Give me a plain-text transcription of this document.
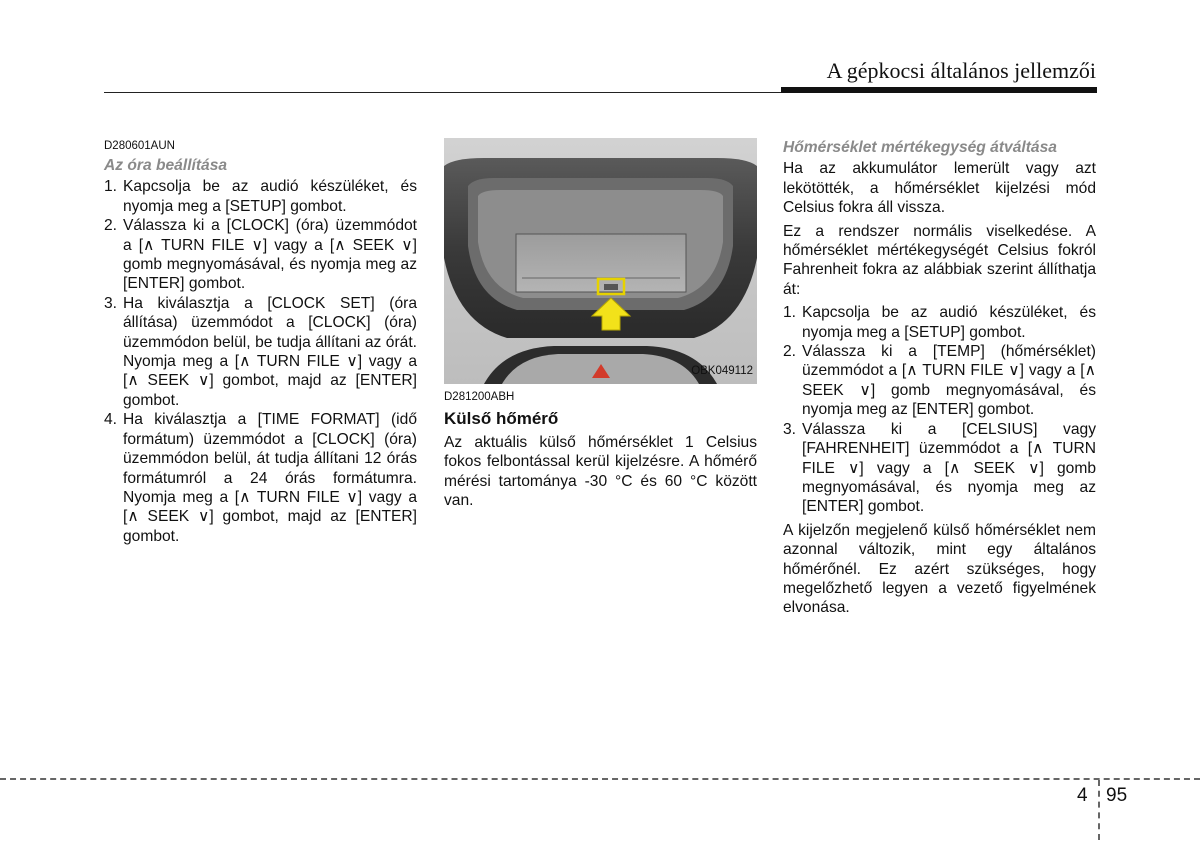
A gépkocsi általános jellemzői
D280601AUN
Az óra beállítása
1. Kapcsolja be az audió készüléket, és nyomja meg a [SETUP] gombot.
2. Válassza ki a [CLOCK] (óra) üzemmódot a [∧ TURN FILE ∨] vagy a [∧ SEEK ∨] gomb megnyomásával, és nyomja meg az [ENTER] gombot.
3. Ha kiválasztja a [CLOCK SET] (óra állítása) üzemmódot a [CLOCK] (óra) üzemmódon belül, be tudja állítani az órát. Nyomja meg a [∧ TURN FILE ∨] vagy a [∧ SEEK ∨] gombot, majd az [ENTER] gombot.
4. Ha kiválasztja a [TIME FORMAT] (idő formátum) üzemmódot a [CLOCK] (óra) üzemmódon belül, át tudja állítani 12 órás formátumról a 24 órás formátumra. Nyomja meg a [∧ TURN FILE ∨] vagy a [∧ SEEK ∨] gombot, majd az [ENTER] gombot.
OBK049112
D281200ABH
Külső hőmérő

Az aktuális külső hőmérséklet 1 Celsius fokos felbontással kerül kijelzésre. A hőmérő mérési tartománya -30 °C és 60 °C között van.

Hőmérséklet mértékegység átváltása

Ha az akkumulátor lemerült vagy azt lekötötték, a hőmérséklet kijelzési mód Celsius fokra áll vissza.

Ez a rendszer normális viselkedése. A hőmérséklet mértékegységét Celsius fokról Fahrenheit fokra az alábbiak szerint állíthatja át:

1. Kapcsolja be az audió készüléket, és nyomja meg a [SETUP] gombot.
2. Válassza ki a [TEMP] (hőmérséklet) üzemmódot a [∧ TURN FILE ∨] vagy a [∧ SEEK ∨] gomb megnyomásával, és nyomja meg az [ENTER] gombot.
3. Válassza ki a [CELSIUS] vagy [FAHRENHEIT] üzemmódot a [∧ TURN FILE ∨] vagy a [∧ SEEK ∨] gomb megnyomásával, és nyomja meg az [ENTER] gombot.

A kijelzőn megjelenő külső hőmérséklet nem azonnal változik, mint egy általános hőmérőnél. Ez azért szükséges, hogy megelőzhető legyen a vezető figyelmének elvonása.

4 95
